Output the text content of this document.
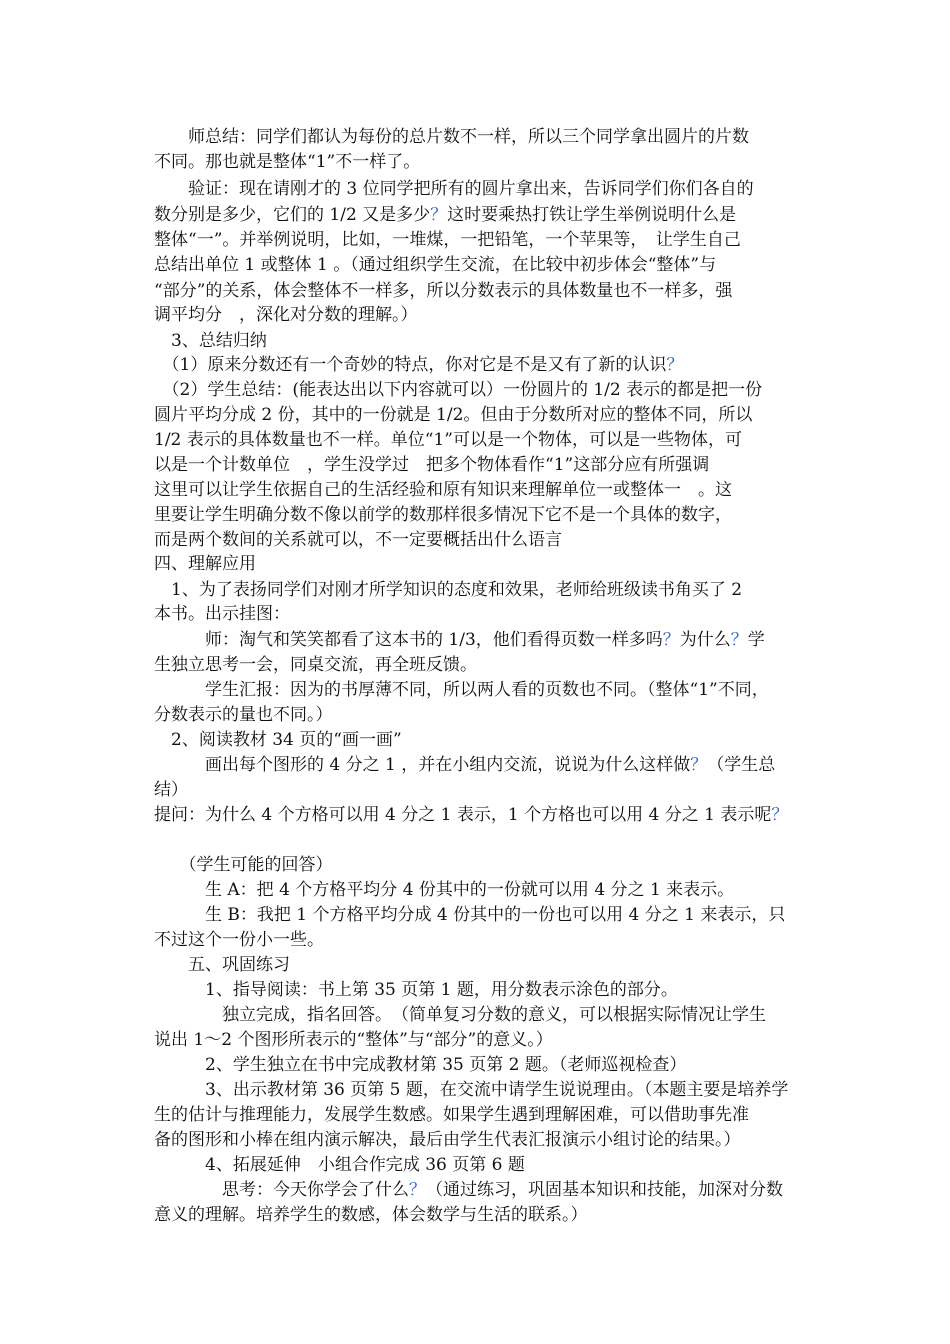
　　师总结：同学们都认为每份的总片数不一样，所以三个同学拿出圆片的片数
不同。那也就是整体“1”不一样了。
　　验证：现在请刚才的 3 位同学把所有的圆片拿出来，告诉同学们你们各自的
数分别是多少，它们的 1/2 又是多少？这时要乘热打铁让学生举例说明什么是
整体“一”。并举例说明，比如，一堆煤，一把铅笔，一个苹果等，　让学生自己
总结出单位 1 或整体 1 。（通过组织学生交流，在比较中初步体会“整体”与
“部分”的关系，体会整体不一样多，所以分数表示的具体数量也不一样多，强
调平均分　，深化对分数的理解。）
　3、总结归纳
　（1）原来分数还有一个奇妙的特点，你对它是不是又有了新的认识？
　（2）学生总结：(能表达出以下内容就可以）一份圆片的 1/2 表示的都是把一份
圆片平均分成 2 份，其中的一份就是 1/2。但由于分数所对应的整体不同，所以
1/2 表示的具体数量也不一样。单位“1”可以是一个物体，可以是一些物体，可
以是一个计数单位　，学生没学过　把多个物体看作“1”这部分应有所强调
这里可以让学生依据自己的生活经验和原有知识来理解单位一或整体一　。这
里要让学生明确分数不像以前学的数那样很多情况下它不是一个具体的数字，
而是两个数间的关系就可以，不一定要概括出什么语言
四、理解应用
　1、为了表扬同学们对刚才所学知识的态度和效果，老师给班级读书角买了 2
本书。出示挂图：
　　　师：淘气和笑笑都看了这本书的 1/3，他们看得页数一样多吗？为什么？学
生独立思考一会，同桌交流，再全班反馈。
　　　学生汇报：因为的书厚薄不同，所以两人看的页数也不同。（整体“1”不同，
分数表示的量也不同。）
　2、阅读教材 34 页的“画一画”
　　　画出每个图形的 4 分之 1 ，并在小组内交流，说说为什么这样做？（学生总
结）
提问：为什么 4 个方格可以用 4 分之 1 表示，1 个方格也可以用 4 分之 1 表示呢？
　　（学生可能的回答）
　　　生 A：把 4 个方格平均分 4 份其中的一份就可以用 4 分之 1 来表示。
　　　生 B：我把 1 个方格平均分成 4 份其中的一份也可以用 4 分之 1 来表示，只
不过这个一份小一些。
　　五、巩固练习
　　　1、指导阅读：书上第 35 页第 1 题，用分数表示涂色的部分。
　　　　独立完成，指名回答。　（简单复习分数的意义，可以根据实际情况让学生
说出 1～2 个图形所表示的“整体”与“部分”的意义。）
　　　2、学生独立在书中完成教材第 35 页第 2 题。（老师巡视检查）
　　　3、出示教材第 36 页第 5 题，在交流中请学生说说理由。（本题主要是培养学
生的估计与推理能力，发展学生数感。如果学生遇到理解困难，可以借助事先准
备的图形和小棒在组内演示解决，最后由学生代表汇报演示小组讨论的结果。）
　　　4、拓展延伸　小组合作完成 36 页第 6 题
　　　　思考：今天你学会了什么？（通过练习，巩固基本知识和技能，加深对分数
意义的理解。培养学生的数感，体会数学与生活的联系。）
